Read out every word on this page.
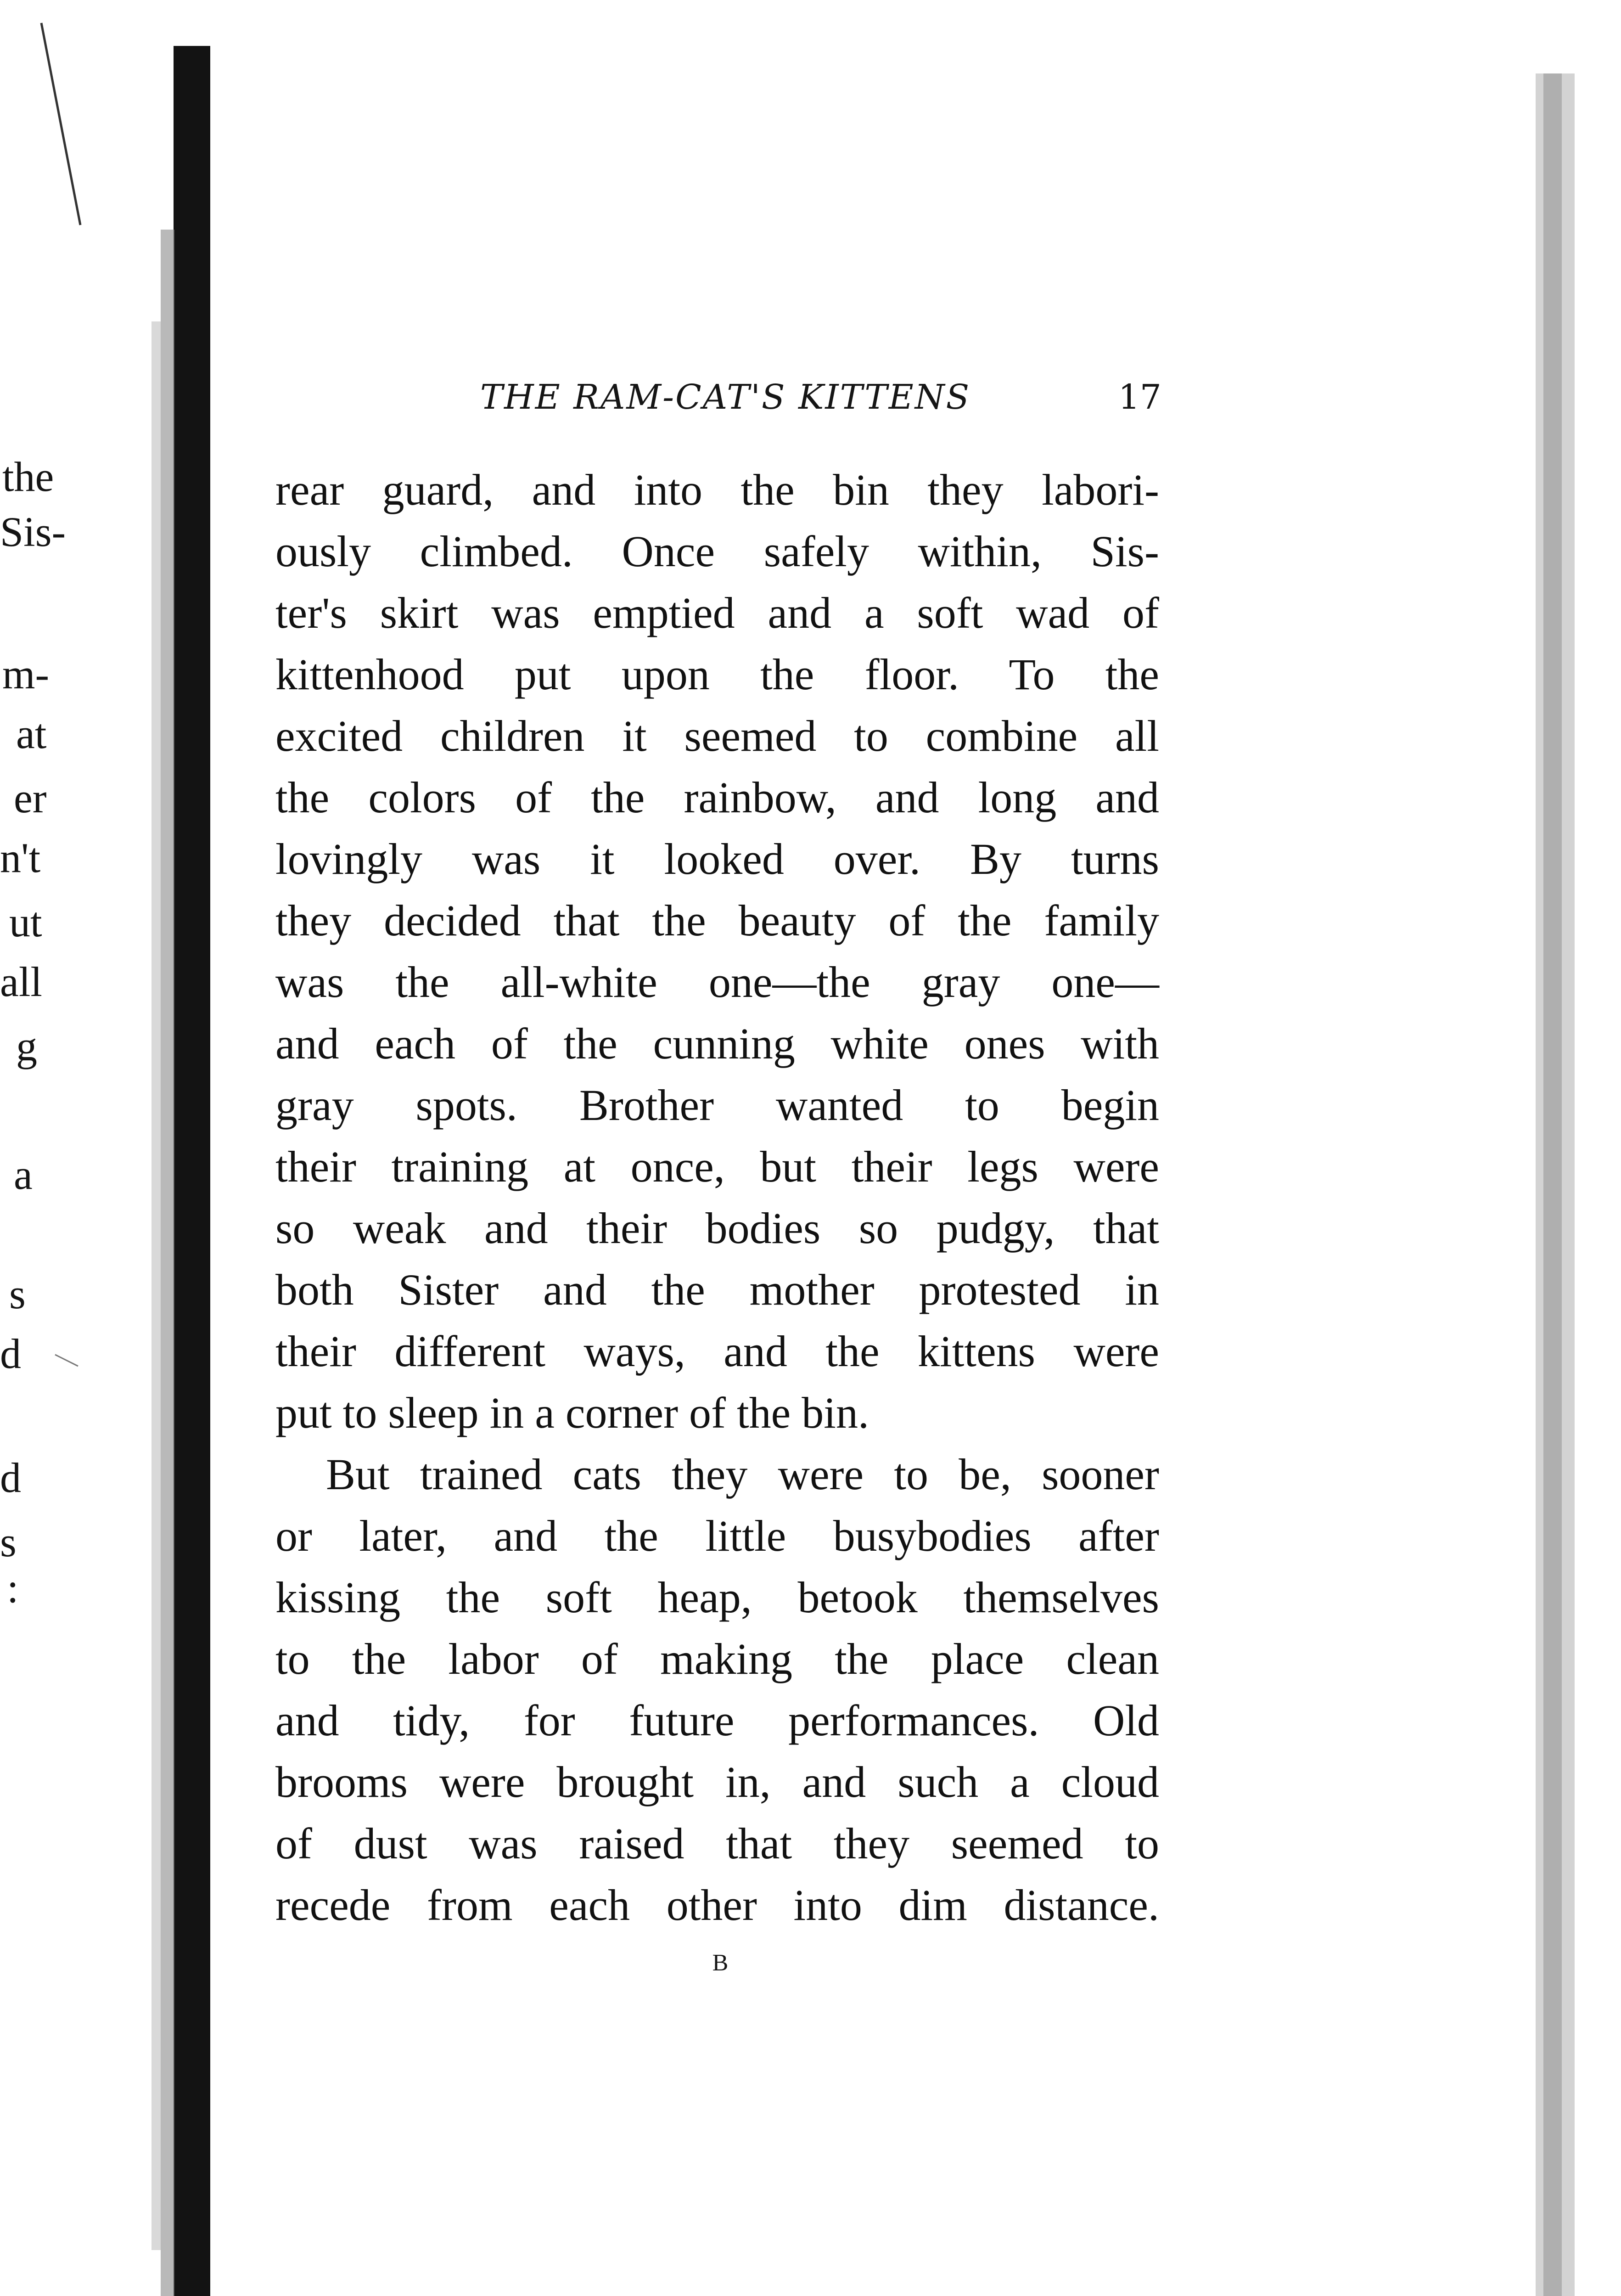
the
Sis-
m-
at
er
n't
ut
all
g
a
s
d
d
s
:
THE RAM-CAT'S KITTENS	17
rear guard, and into the bin they labori-
ously climbed. Once safely within, Sis-
ter's skirt was emptied and a soft wad of
kittenhood put upon the floor. To the
excited children it seemed to combine all
the colors of the rainbow, and long and
lovingly was it looked over. By turns
they decided that the beauty of the family
was the all-white one—the gray one—
and each of the cunning white ones with
gray spots. Brother wanted to begin
their training at once, but their legs were
so weak and their bodies so pudgy, that
both Sister and the mother protested in
their different ways, and the kittens were
put to sleep in a corner of the bin.
But trained cats they were to be, sooner
or later, and the little busybodies after
kissing the soft heap, betook themselves
to the labor of making the place clean
and tidy, for future performances. Old
brooms were brought in, and such a cloud
of dust was raised that they seemed to
recede from each other into dim distance.
B
